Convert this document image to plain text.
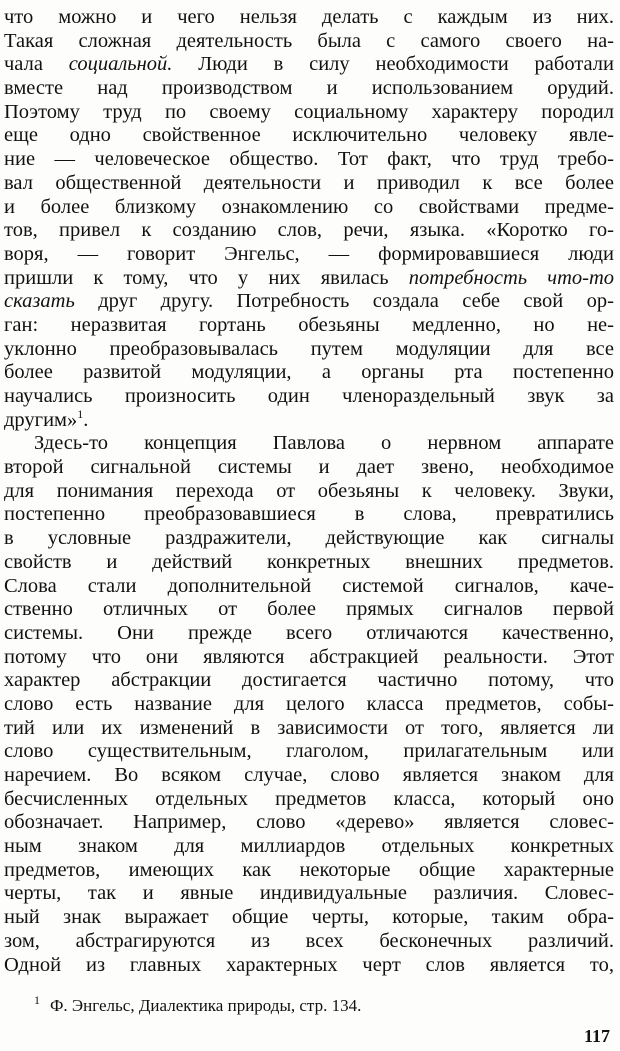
что можно и чего нельзя делать с каждым из них.
Такая сложная деятельность была с самого своего на-
чала социальной. Люди в силу необходимости работали
вместе над производством и использованием орудий.
Поэтому труд по своему социальному характеру породил
еще одно свойственное исключительно человеку явле-
ние — человеческое общество. Тот факт, что труд требо-
вал общественной деятельности и приводил к все более
и более близкому ознакомлению со свойствами предме-
тов, привел к созданию слов, речи, языка. «Коротко го-
воря, — говорит Энгельс, — формировавшиеся люди
пришли к тому, что у них явилась потребность что-то
сказать друг другу. Потребность создала себе свой ор-
ган: неразвитая гортань обезьяны медленно, но не-
уклонно преобразовывалась путем модуляции для все
более развитой модуляции, а органы рта постепенно
научались произносить один членораздельный звук за
другим»$^1$.
Здесь-то концепция Павлова о нервном аппарате
второй сигнальной системы и дает звено, необходимое
для понимания перехода от обезьяны к человеку. Звуки,
постепенно преобразовавшиеся в слова, превратились
в условные раздражители, действующие как сигналы
свойств и действий конкретных внешних предметов.
Слова стали дополнительной системой сигналов, каче-
ственно отличных от более прямых сигналов первой
системы. Они прежде всего отличаются качественно,
потому что они являются абстракцией реальности. Этот
характер абстракции достигается частично потому, что
слово есть название для целого класса предметов, собы-
тий или их изменений в зависимости от того, является ли
слово существительным, глаголом, прилагательным или
наречием. Во всяком случае, слово является знаком для
бесчисленных отдельных предметов класса, который оно
обозначает. Например, слово «дерево» является словес-
ным знаком для миллиардов отдельных конкретных
предметов, имеющих как некоторые общие характерные
черты, так и явные индивидуальные различия. Словес-
ный знак выражает общие черты, которые, таким обра-
зом, абстрагируются из всех бесконечных различий.
Одной из главных характерных черт слов является то,
$^1$ Ф. Энгельс, Диалектика природы, стр. 134.
117
